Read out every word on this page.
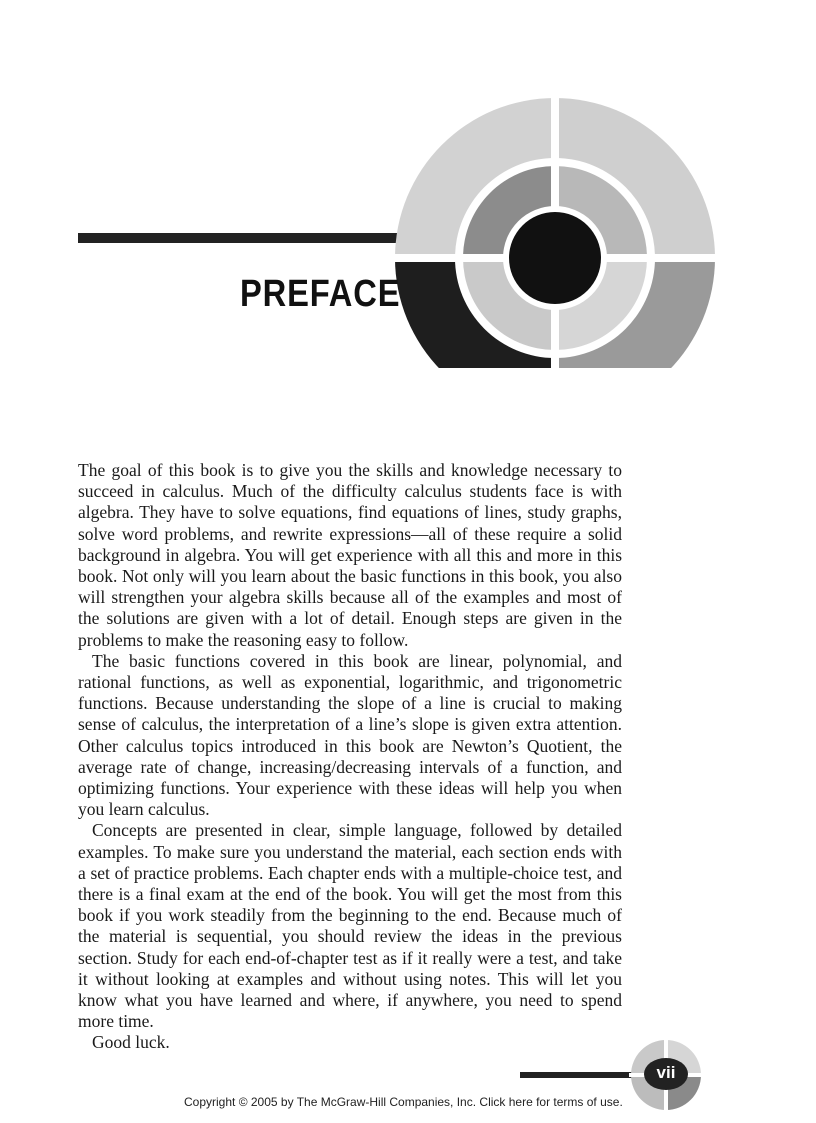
PREFACE

The goal of this book is to give you the skills and knowledge necessary to succeed in calculus. Much of the difficulty calculus students face is with algebra. They have to solve equations, find equations of lines, study graphs, solve word problems, and rewrite expressions—all of these require a solid background in algebra. You will get experience with all this and more in this book. Not only will you learn about the basic functions in this book, you also will strengthen your algebra skills because all of the examples and most of the solutions are given with a lot of detail. Enough steps are given in the problems to make the reasoning easy to follow.

The basic functions covered in this book are linear, polynomial, and rational functions, as well as exponential, logarithmic, and trigonometric functions. Because understanding the slope of a line is crucial to making sense of calculus, the interpretation of a line’s slope is given extra attention. Other calculus topics introduced in this book are Newton’s Quotient, the average rate of change, increasing/decreasing intervals of a function, and optimizing functions. Your experience with these ideas will help you when you learn calculus.

Concepts are presented in clear, simple language, followed by detailed examples. To make sure you understand the material, each section ends with a set of practice problems. Each chapter ends with a multiple-choice test, and there is a final exam at the end of the book. You will get the most from this book if you work steadily from the beginning to the end. Because much of the material is sequential, you should review the ideas in the previous section. Study for each end-of-chapter test as if it really were a test, and take it without looking at examples and without using notes. This will let you know what you have learned and where, if anywhere, you need to spend more time.

Good luck.

vii
Copyright © 2005 by The McGraw-Hill Companies, Inc. Click here for terms of use.
